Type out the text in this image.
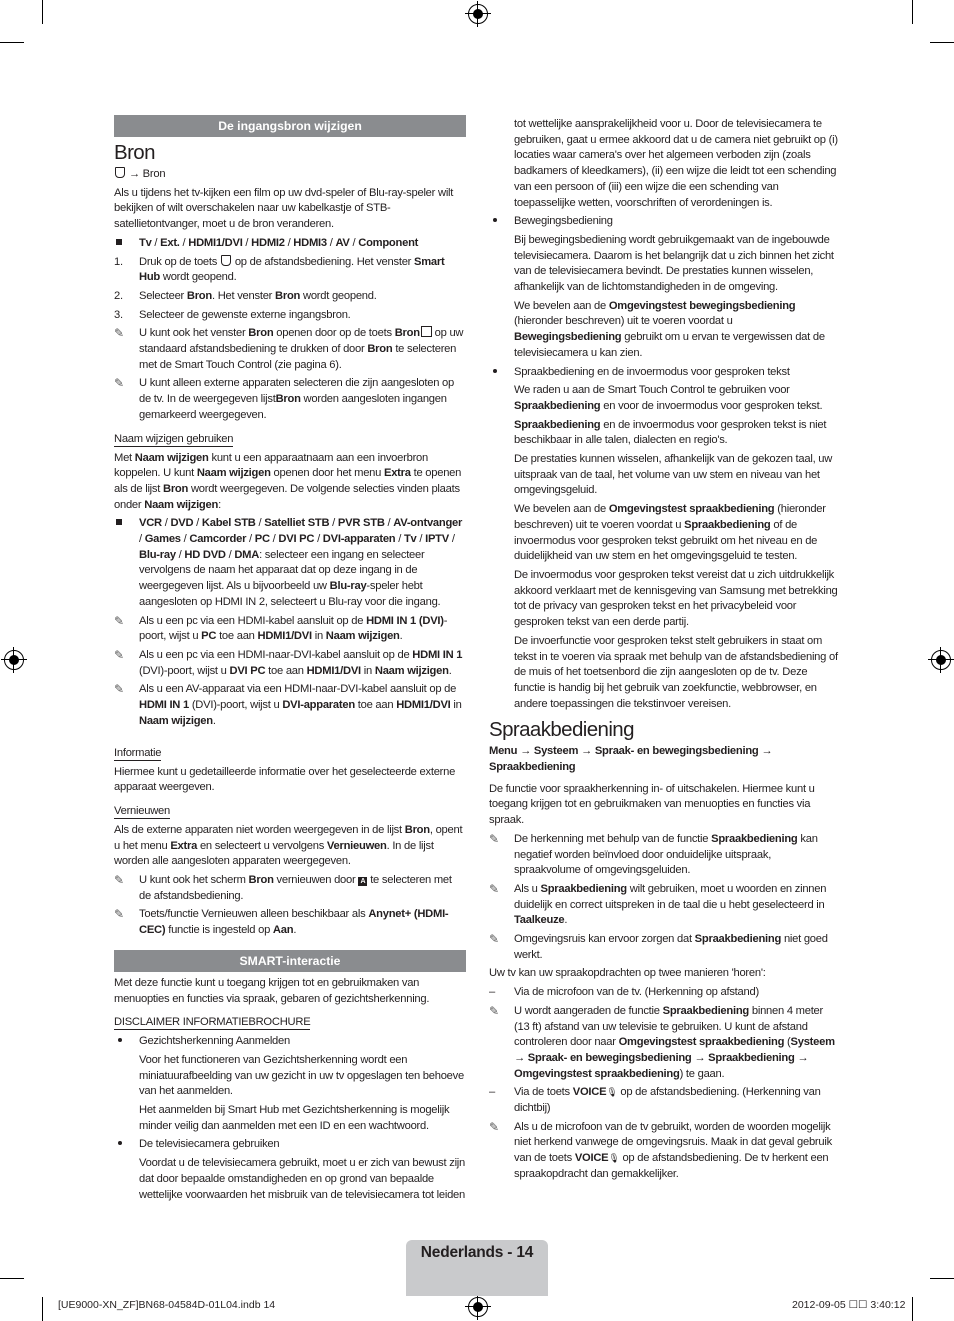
De ingangsbron wijzigen
Bron

→ Bron

Als u tijdens het tv-kijken een film op uw dvd-speler of Blu-ray-speler wilt bekijken of wilt overschakelen naar uw kabelkastje of STB-satellietontvanger, moet u de bron veranderen.

Tv / Ext. / HDMI1/DVI / HDMI2 / HDMI3 / AV / Component
1.	Druk op de toets op de afstandsbediening. Het venster Smart Hub wordt geopend.
2.	Selecteer Bron. Het venster Bron wordt geopend.
3.	Selecteer de gewenste externe ingangsbron.
✎	U kunt ook het venster Bron openen door op de toets Bron op uw standaard afstandsbediening te drukken of door Bron te selecteren met de Smart Touch Control (zie pagina 6).
✎	U kunt alleen externe apparaten selecteren die zijn aangesloten op de tv. In de weergegeven lijstBron worden aangesloten ingangen gemarkeerd weergegeven.
Naam wijzigen gebruiken

Met Naam wijzigen kunt u een apparaatnaam aan een invoerbron koppelen. U kunt Naam wijzigen openen door het menu Extra te openen als de lijst Bron wordt weergegeven. De volgende selecties vinden plaats onder Naam wijzigen:

VCR / DVD / Kabel STB / Satelliet STB / PVR STB / AV-ontvanger / Games / Camcorder / PC / DVI PC / DVI-apparaten / Tv / IPTV / Blu-ray / HD DVD / DMA: selecteer een ingang en selecteer vervolgens de naam het apparaat dat op deze ingang in de weergegeven lijst. Als u bijvoorbeeld uw Blu-ray-speler hebt aangesloten op HDMI IN 2, selecteert u Blu-ray voor die ingang.
✎	Als u een pc via een HDMI-kabel aansluit op de HDMI IN 1 (DVI)-poort, wijst u PC toe aan HDMI1/DVI in Naam wijzigen.
✎	Als u een pc via een HDMI-naar-DVI-kabel aansluit op de HDMI IN 1 (DVI)-poort, wijst u DVI PC toe aan HDMI1/DVI in Naam wijzigen.
✎	Als u een AV-apparaat via een HDMI-naar-DVI-kabel aansluit op de HDMI IN 1 (DVI)-poort, wijst u DVI-apparaten toe aan HDMI1/DVI in Naam wijzigen.
Informatie

Hiermee kunt u gedetailleerde informatie over het geselecteerde externe apparaat weergeven.

Vernieuwen

Als de externe apparaten niet worden weergegeven in de lijst Bron, opent u het menu Extra en selecteert u vervolgens Vernieuwen. In de lijst worden alle aangesloten apparaten weergegeven.

✎	U kunt ook het scherm Bron vernieuwen door A te selecteren met de afstandsbediening.
✎	Toets/functie Vernieuwen alleen beschikbaar als Anynet+ (HDMI-CEC) functie is ingesteld op Aan.
SMART-interactie

Met deze functie kunt u toegang krijgen tot en gebruikmaken van menuopties en functies via spraak, gebaren of gezichtsherkenning.

DISCLAIMER INFORMATIEBROCHURE
Gezichtsherkenning Aanmelden

Voor het functioneren van Gezichtsherkenning wordt een miniatuurafbeelding van uw gezicht in uw tv opgeslagen ten behoeve van het aanmelden.

Het aanmelden bij Smart Hub met Gezichtsherkenning is mogelijk minder veilig dan aanmelden met een ID en een wachtwoord.

De televisiecamera gebruiken

Voordat u de televisiecamera gebruikt, moet u er zich van bewust zijn dat door bepaalde omstandigheden en op grond van bepaalde wettelijke voorwaarden het misbruik van de televisiecamera tot leiden

tot wettelijke aansprakelijkheid voor u. Door de televisiecamera te gebruiken, gaat u ermee akkoord dat u de camera niet gebruikt op (i) locaties waar camera's over het algemeen verboden zijn (zoals badkamers of kleedkamers), (ii) een wijze die leidt tot een schending van een persoon of (iii) een wijze die een schending van toepasselijke wetten, voorschriften of verordeningen is.

Bewegingsbediening

Bij bewegingsbediening wordt gebruikgemaakt van de ingebouwde televisiecamera. Daarom is het belangrijk dat u zich binnen het zicht van de televisiecamera bevindt. De prestaties kunnen wisselen, afhankelijk van de lichtomstandigheden in de omgeving.

We bevelen aan de Omgevingstest bewegingsbediening (hieronder beschreven) uit te voeren voordat u Bewegingsbediening gebruikt om u ervan te vergewissen dat de televisiecamera u kan zien.

Spraakbediening en de invoermodus voor gesproken tekst

We raden u aan de Smart Touch Control te gebruiken voor Spraakbediening en voor de invoermodus voor gesproken tekst.

Spraakbediening en de invoermodus voor gesproken tekst is niet beschikbaar in alle talen, dialecten en regio's.

De prestaties kunnen wisselen, afhankelijk van de gekozen taal, uw uitspraak van de taal, het volume van uw stem en niveau van het omgevingsgeluid.

We bevelen aan de Omgevingstest spraakbediening (hieronder beschreven) uit te voeren voordat u Spraakbediening of de invoermodus voor gesproken tekst gebruikt om het niveau en de duidelijkheid van uw stem en het omgevingsgeluid te testen.

De invoermodus voor gesproken tekst vereist dat u zich uitdrukkelijk akkoord verklaart met de kennisgeving van Samsung met betrekking tot de privacy van gesproken tekst en het privacybeleid voor gesproken tekst van een derde partij.

De invoerfunctie voor gesproken tekst stelt gebruikers in staat om tekst in te voeren via spraak met behulp van de afstandsbediening of de muis of het toetsenbord die zijn aangesloten op de tv. Deze functie is handig bij het gebruik van zoekfunctie, webbrowser, en andere toepassingen die tekstinvoer vereisen.

Spraakbediening

Menu → Systeem → Spraak- en bewegingsbediening → Spraakbediening

De functie voor spraakherkenning in- of uitschakelen. Hiermee kunt u toegang krijgen tot en gebruikmaken van menuopties en functies via spraak.

✎	De herkenning met behulp van de functie Spraakbediening kan negatief worden beïnvloed door onduidelijke uitspraak, spraakvolume of omgevingsgeluiden.
✎	Als u Spraakbediening wilt gebruiken, moet u woorden en zinnen duidelijk en correct uitspreken in de taal die u hebt geselecteerd in Taalkeuze.
✎	Omgevingsruis kan ervoor zorgen dat Spraakbediening niet goed werkt.

Uw tv kan uw spraakopdrachten op twee manieren 'horen':

–	Via de microfoon van de tv. (Herkenning op afstand)
✎	U wordt aangeraden de functie Spraakbediening binnen 4 meter (13 ft) afstand van uw televisie te gebruiken. U kunt de afstand controleren door naar Omgevingstest spraakbediening (Systeem → Spraak- en bewegingsbediening → Spraakbediening → Omgevingstest spraakbediening) te gaan.
–	Via de toets VOICE🎙 op de afstandsbediening. (Herkenning van dichtbij)
✎	Als u de microfoon van de tv gebruikt, worden de woorden mogelijk niet herkend vanwege de omgevingsruis. Maak in dat geval gebruik van de toets VOICE🎙 op de afstandsbediening. De tv herkent een spraakopdracht dan gemakkelijker.
Nederlands - 14
[UE9000-XN_ZF]BN68-04584D-01L04.indb 14	2012-09-05 ☐☐ 3:40:12
